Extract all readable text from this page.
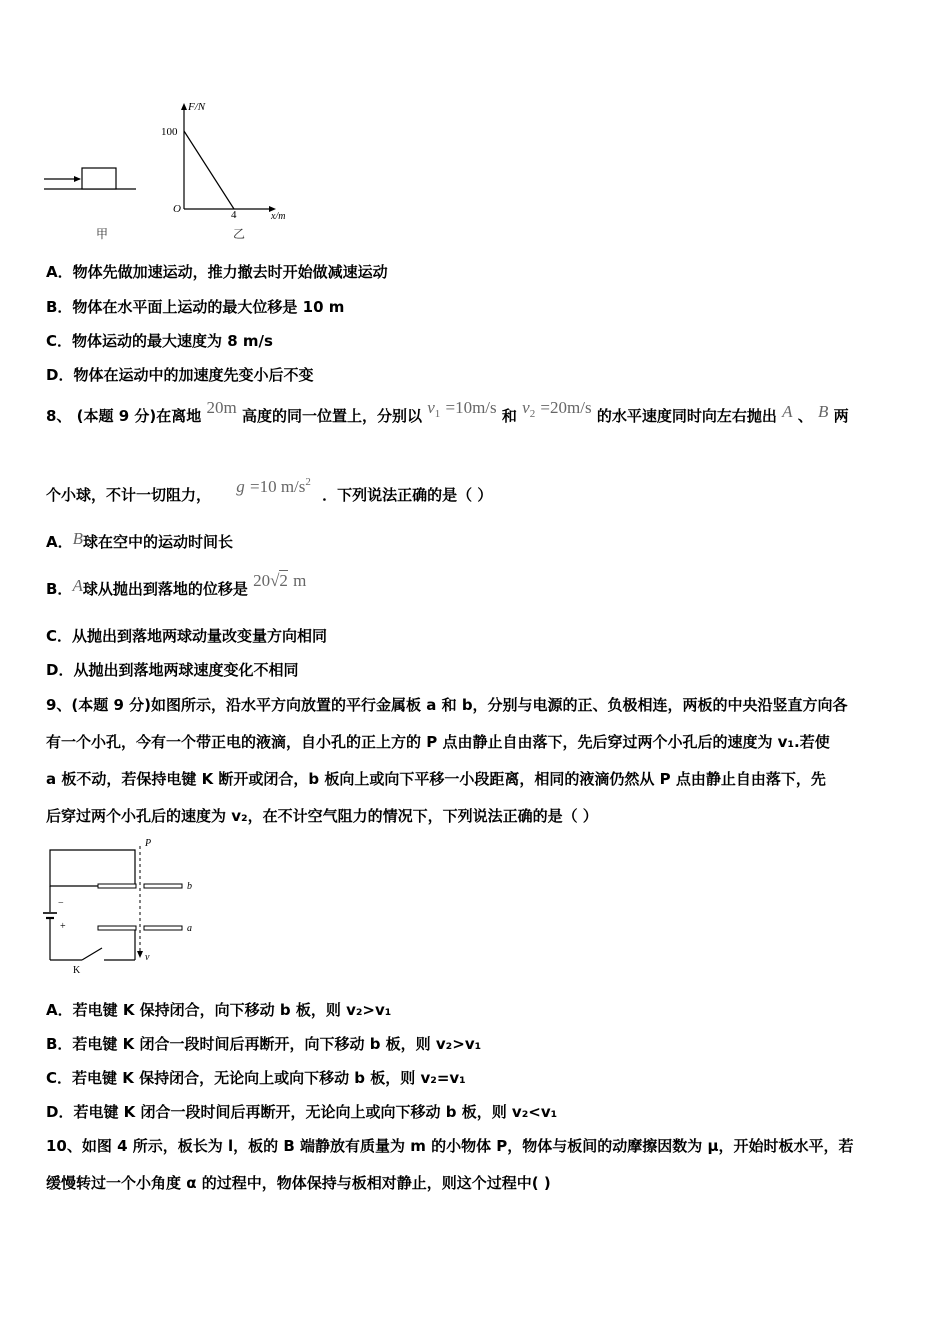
甲
F/N
100
O	4	x/m
乙
A．物体先做加速运动，推力撤去时开始做减速运动
B．物体在水平面上运动的最大位移是 10 m
C．物体运动的最大速度为 8 m/s
D．物体在运动中的加速度先变小后不变
8、 (本题 9 分)在离地 20m 高度的同一位置上，分别以 $v_1 =10m/s$ 和 $v_2 =20m/s$ 的水平速度同时向左右抛出 A 、 B 两
个小球，不计一切阻力， g =10 $m/s^2$ ．下列说法正确的是（ ）
A．B球在空中的运动时间长
B．A球从抛出到落地的位移是 20√2 m
C．从抛出到落地两球动量改变量方向相同
D．从抛出到落地两球速度变化不相同
9、(本题 9 分)如图所示，沿水平方向放置的平行金属板 a 和 b，分别与电源的正、负极相连，两板的中央沿竖直方向各
有一个小孔，今有一个带正电的液滴，自小孔的正上方的 P 点由静止自由落下，先后穿过两个小孔后的速度为 v₁.若使
a 板不动，若保持电键 K 断开或闭合，b 板向上或向下平移一小段距离，相同的液滴仍然从 P 点由静止自由落下，先
后穿过两个小孔后的速度为 v₂，在不计空气阻力的情况下，下列说法正确的是（ ）
P
b
a
v
K
−
+
A．若电键 K 保持闭合，向下移动 b 板，则 v₂>v₁
B．若电键 K 闭合一段时间后再断开，向下移动 b 板，则 v₂>v₁
C．若电键 K 保持闭合，无论向上或向下移动 b 板，则 v₂=v₁
D．若电键 K 闭合一段时间后再断开，无论向上或向下移动 b 板，则 v₂<v₁
10、如图 4 所示，板长为 l，板的 B 端静放有质量为 m 的小物体 P，物体与板间的动摩擦因数为 μ，开始时板水平，若
缓慢转过一个小角度 α 的过程中，物体保持与板相对静止，则这个过程中( )
